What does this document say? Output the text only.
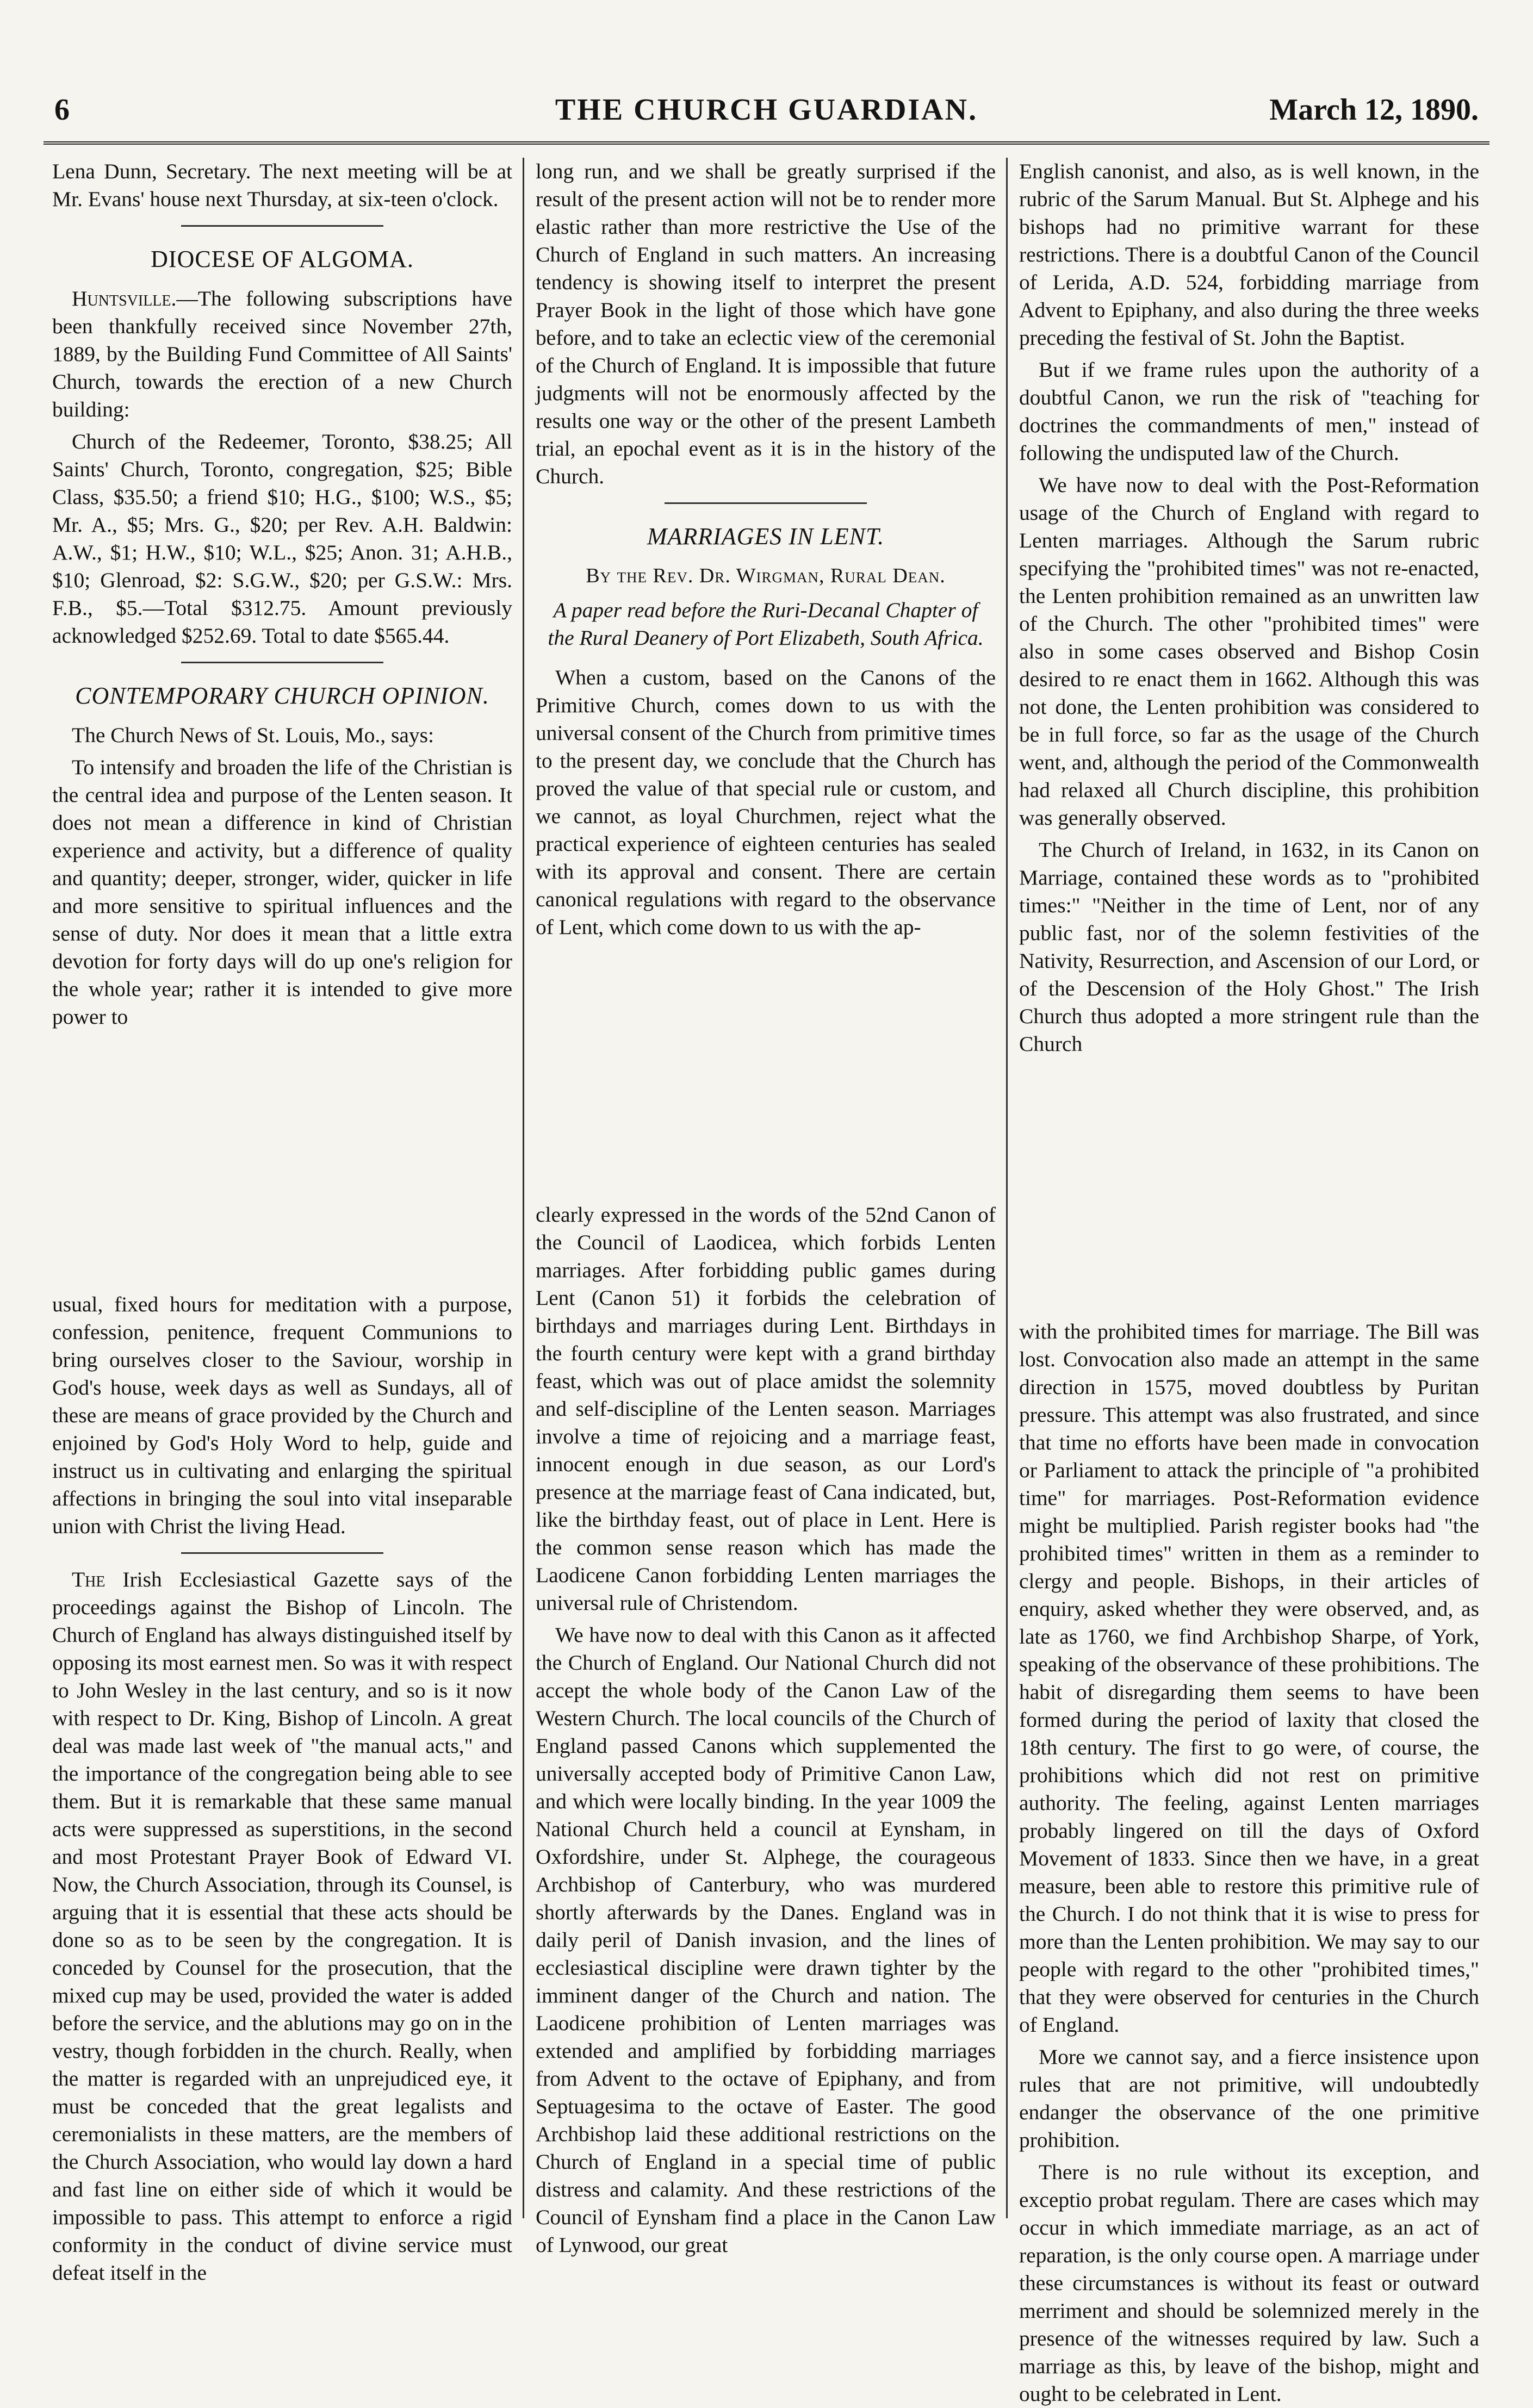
6	THE CHURCH GUARDIAN.	March 12, 1890.

Lena Dunn, Secretary. The next meeting will be at Mr. Evans' house next Thursday, at six-teen o'clock.

DIOCESE OF ALGOMA.

Huntsville.—The following subscriptions have been thankfully received since November 27th, 1889, by the Building Fund Committee of All Saints' Church, towards the erection of a new Church building:

Church of the Redeemer, Toronto, $38.25; All Saints' Church, Toronto, congregation, $25; Bible Class, $35.50; a friend $10; H.G., $100; W.S., $5; Mr. A., $5; Mrs. G., $20; per Rev. A.H. Baldwin: A.W., $1; H.W., $10; W.L., $25; Anon. 31; A.H.B., $10; Glenroad, $2: S.G.W., $20; per G.S.W.: Mrs. F.B., $5.—Total $312.75. Amount previously acknowledged $252.69. Total to date $565.44.

CONTEMPORARY CHURCH OPINION.

The Church News of St. Louis, Mo., says:

To intensify and broaden the life of the Christian is the central idea and purpose of the Lenten season. It does not mean a difference in kind of Christian experience and activity, but a difference of quality and quantity; deeper, stronger, wider, quicker in life and more sensitive to spiritual influences and the sense of duty. Nor does it mean that a little extra devotion for forty days will do up one's religion for the whole year; rather it is intended to give more power to

usual, fixed hours for meditation with a purpose, confession, penitence, frequent Communions to bring ourselves closer to the Saviour, worship in God's house, week days as well as Sundays, all of these are means of grace provided by the Church and enjoined by God's Holy Word to help, guide and instruct us in cultivating and enlarging the spiritual affections in bringing the soul into vital inseparable union with Christ the living Head.

The Irish Ecclesiastical Gazette says of the proceedings against the Bishop of Lincoln. The Church of England has always distinguished itself by opposing its most earnest men. So was it with respect to John Wesley in the last century, and so is it now with respect to Dr. King, Bishop of Lincoln. A great deal was made last week of "the manual acts," and the importance of the congregation being able to see them. But it is remarkable that these same manual acts were suppressed as superstitions, in the second and most Protestant Prayer Book of Edward VI. Now, the Church Association, through its Counsel, is arguing that it is essential that these acts should be done so as to be seen by the congregation. It is conceded by Counsel for the prosecution, that the mixed cup may be used, provided the water is added before the service, and the ablutions may go on in the vestry, though forbidden in the church. Really, when the matter is regarded with an unprejudiced eye, it must be conceded that the great legalists and ceremonialists in these matters, are the members of the Church Association, who would lay down a hard and fast line on either side of which it would be impossible to pass. This attempt to enforce a rigid conformity in the conduct of divine service must defeat itself in the

long run, and we shall be greatly surprised if the result of the present action will not be to render more elastic rather than more restrictive the Use of the Church of England in such matters. An increasing tendency is showing itself to interpret the present Prayer Book in the light of those which have gone before, and to take an eclectic view of the ceremonial of the Church of England. It is impossible that future judgments will not be enormously affected by the results one way or the other of the present Lambeth trial, an epochal event as it is in the history of the Church.

MARRIAGES IN LENT.
By the Rev. Dr. Wirgman, Rural Dean.
A paper read before the Ruri-Decanal Chapter of the Rural Deanery of Port Elizabeth, South Africa.

When a custom, based on the Canons of the Primitive Church, comes down to us with the universal consent of the Church from primitive times to the present day, we conclude that the Church has proved the value of that special rule or custom, and we cannot, as loyal Churchmen, reject what the practical experience of eighteen centuries has sealed with its approval and consent. There are certain canonical regulations with regard to the observance of Lent, which come down to us with the ap-

clearly expressed in the words of the 52nd Canon of the Council of Laodicea, which forbids Lenten marriages. After forbidding public games during Lent (Canon 51) it forbids the celebration of birthdays and marriages during Lent. Birthdays in the fourth century were kept with a grand birthday feast, which was out of place amidst the solemnity and self-discipline of the Lenten season. Marriages involve a time of rejoicing and a marriage feast, innocent enough in due season, as our Lord's presence at the marriage feast of Cana indicated, but, like the birthday feast, out of place in Lent. Here is the common sense reason which has made the Laodicene Canon forbidding Lenten marriages the universal rule of Christendom.

We have now to deal with this Canon as it affected the Church of England. Our National Church did not accept the whole body of the Canon Law of the Western Church. The local councils of the Church of England passed Canons which supplemented the universally accepted body of Primitive Canon Law, and which were locally binding. In the year 1009 the National Church held a council at Eynsham, in Oxfordshire, under St. Alphege, the courageous Archbishop of Canterbury, who was murdered shortly afterwards by the Danes. England was in daily peril of Danish invasion, and the lines of ecclesiastical discipline were drawn tighter by the imminent danger of the Church and nation. The Laodicene prohibition of Lenten marriages was extended and amplified by forbidding marriages from Advent to the octave of Epiphany, and from Septuagesima to the octave of Easter. The good Archbishop laid these additional restrictions on the Church of England in a special time of public distress and calamity. And these restrictions of the Council of Eynsham find a place in the Canon Law of Lynwood, our great

English canonist, and also, as is well known, in the rubric of the Sarum Manual. But St. Alphege and his bishops had no primitive warrant for these restrictions. There is a doubtful Canon of the Council of Lerida, A.D. 524, forbidding marriage from Advent to Epiphany, and also during the three weeks preceding the festival of St. John the Baptist.

But if we frame rules upon the authority of a doubtful Canon, we run the risk of "teaching for doctrines the commandments of men," instead of following the undisputed law of the Church.

We have now to deal with the Post-Reformation usage of the Church of England with regard to Lenten marriages. Although the Sarum rubric specifying the "prohibited times" was not re-enacted, the Lenten prohibition remained as an unwritten law of the Church. The other "prohibited times" were also in some cases observed and Bishop Cosin desired to re enact them in 1662. Although this was not done, the Lenten prohibition was considered to be in full force, so far as the usage of the Church went, and, although the period of the Commonwealth had relaxed all Church discipline, this prohibition was generally observed.

The Church of Ireland, in 1632, in its Canon on Marriage, contained these words as to "prohibited times:" "Neither in the time of Lent, nor of any public fast, nor of the solemn festivities of the Nativity, Resurrection, and Ascension of our Lord, or of the Descension of the Holy Ghost." The Irish Church thus adopted a more stringent rule than the Church

with the prohibited times for marriage. The Bill was lost. Convocation also made an attempt in the same direction in 1575, moved doubtless by Puritan pressure. This attempt was also frustrated, and since that time no efforts have been made in convocation or Parliament to attack the principle of "a prohibited time" for marriages. Post-Reformation evidence might be multiplied. Parish register books had "the prohibited times" written in them as a reminder to clergy and people. Bishops, in their articles of enquiry, asked whether they were observed, and, as late as 1760, we find Archbishop Sharpe, of York, speaking of the observance of these prohibitions. The habit of disregarding them seems to have been formed during the period of laxity that closed the 18th century. The first to go were, of course, the prohibitions which did not rest on primitive authority. The feeling, against Lenten marriages probably lingered on till the days of Oxford Movement of 1833. Since then we have, in a great measure, been able to restore this primitive rule of the Church. I do not think that it is wise to press for more than the Lenten prohibition. We may say to our people with regard to the other "prohibited times," that they were observed for centuries in the Church of England.

More we cannot say, and a fierce insistence upon rules that are not primitive, will undoubtedly endanger the observance of the one primitive prohibition.

There is no rule without its exception, and exceptio probat regulam. There are cases which may occur in which immediate marriage, as an act of reparation, is the only course open. A marriage under these circumstances is without its feast or outward merriment and should be solemnized merely in the presence of the witnesses required by law. Such a marriage as this, by leave of the bishop, might and ought to be celebrated in Lent.
